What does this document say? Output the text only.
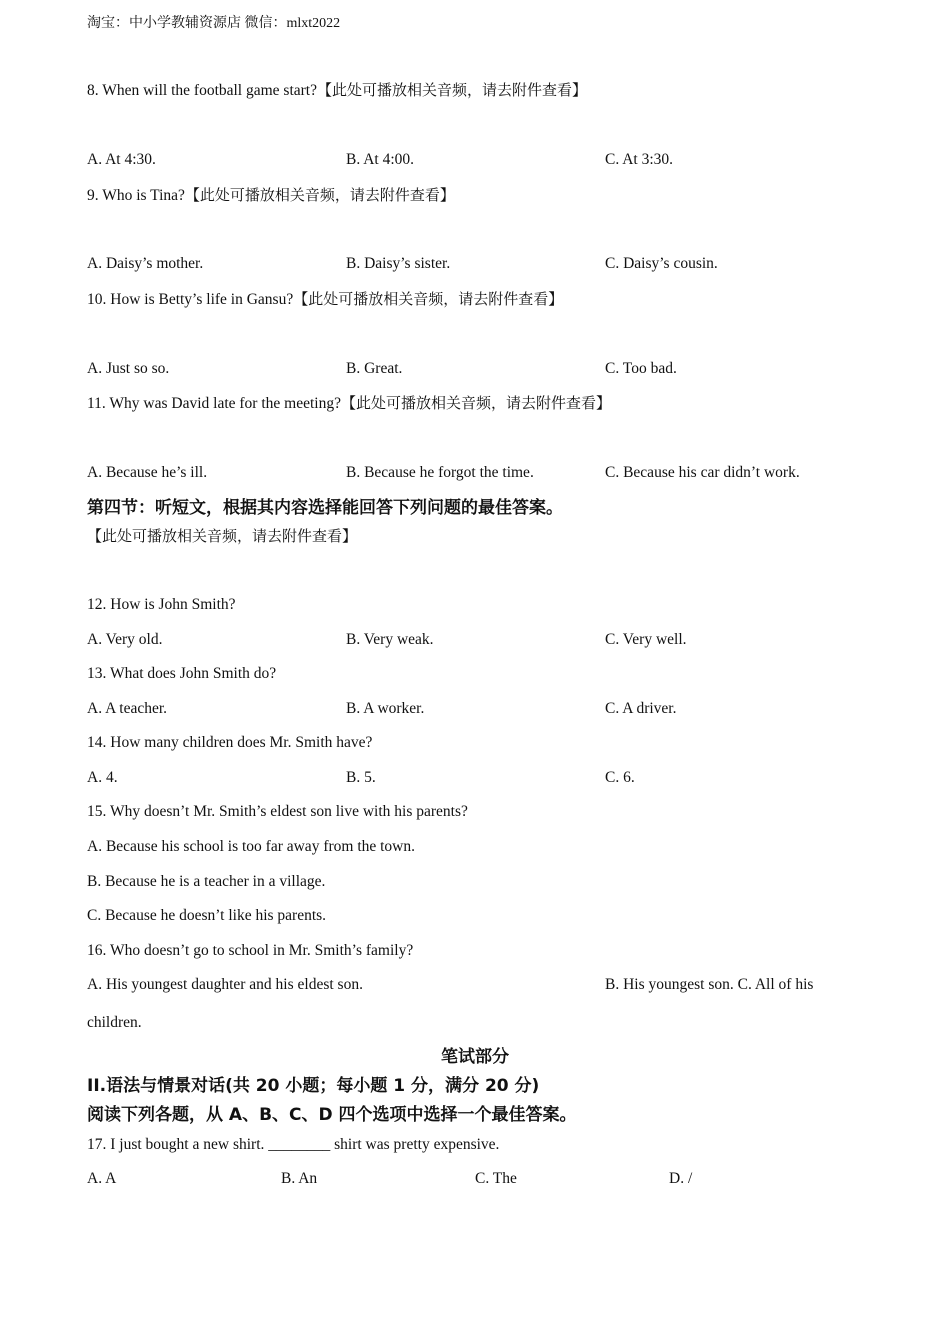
淘宝：中小学教辅资源店 微信：mlxt2022
8. When will the football game start?【此处可播放相关音频，请去附件查看】
A. At 4:30.	B. At 4:00.	C. At 3:30.
9. Who is Tina?【此处可播放相关音频，请去附件查看】
A. Daisy’s mother.	B. Daisy’s sister.	C. Daisy’s cousin.
10. How is Betty’s life in Gansu?【此处可播放相关音频，请去附件查看】
A. Just so so.	B. Great.	C. Too bad.
11. Why was David late for the meeting?【此处可播放相关音频，请去附件查看】
A. Because he’s ill.	B. Because he forgot the time.	C. Because his car didn’t work.
第四节：听短文，根据其内容选择能回答下列问题的最佳答案。
【此处可播放相关音频，请去附件查看】
12. How is John Smith?
A. Very old.	B. Very weak.	C. Very well.
13. What does John Smith do?
A. A teacher.	B. A worker.	C. A driver.
14. How many children does Mr. Smith have?
A. 4.	B. 5.	C. 6.
15. Why doesn’t Mr. Smith’s eldest son live with his parents?
A. Because his school is too far away from the town.
B. Because he is a teacher in a village.
C. Because he doesn’t like his parents.
16. Who doesn’t go to school in Mr. Smith’s family?
A. His youngest daughter and his eldest son.	B. His youngest son. C. All of his
children.
笔试部分
II.语法与情景对话(共 20 小题；每小题 1 分，满分 20 分)
阅读下列各题，从 A、B、C、D 四个选项中选择一个最佳答案。
17. I just bought a new shirt. ________ shirt was pretty expensive.
A. A	B. An	C. The	D. /
